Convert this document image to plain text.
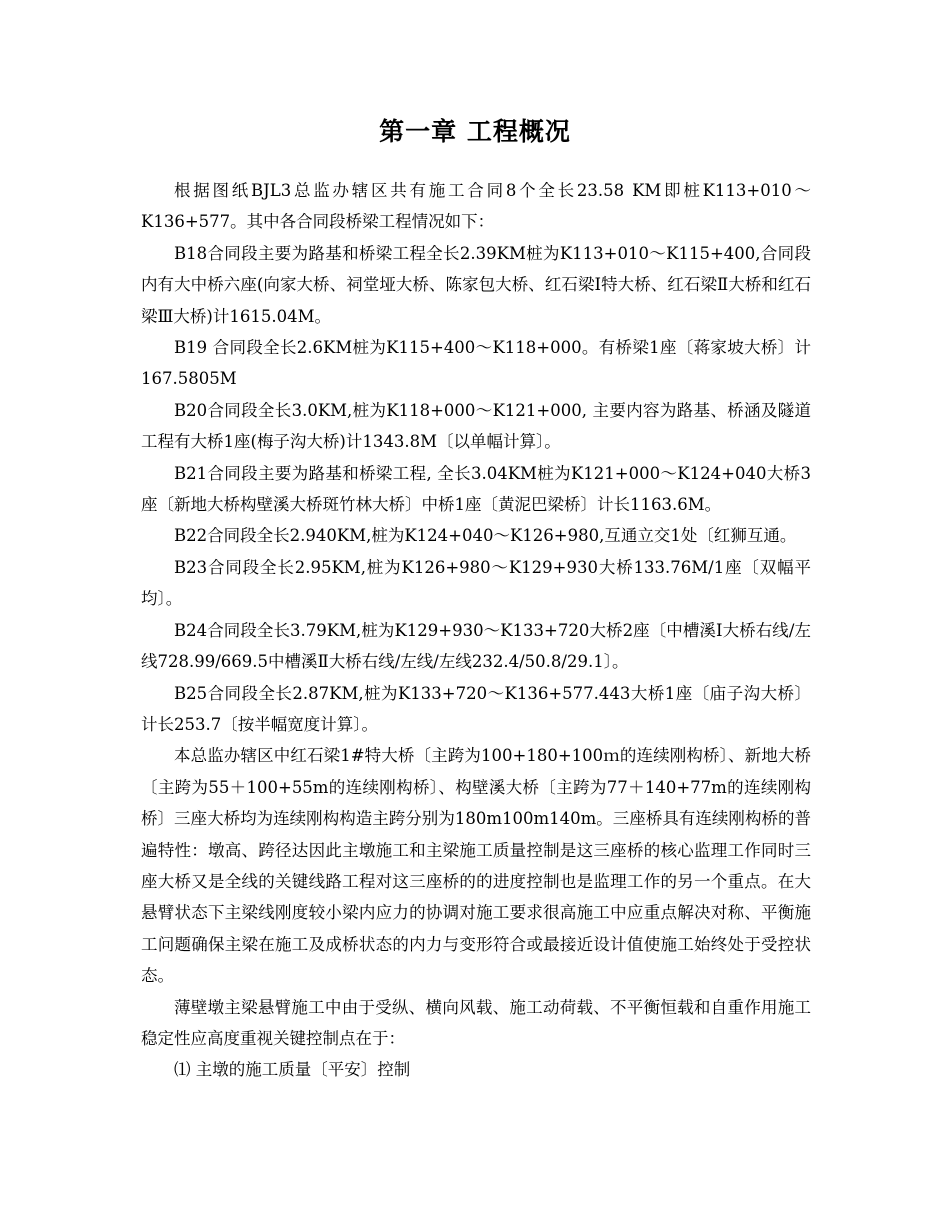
第一章 工程概况

根据图纸BJL3总监办辖区共有施工合同8个全长23.58 KM即桩K113+010～K136+577。其中各合同段桥梁工程情况如下：

B18合同段主要为路基和桥梁工程全长2.39KM桩为K113+010～K115+400,合同段内有大中桥六座(向家大桥、祠堂垭大桥、陈家包大桥、红石梁Ⅰ特大桥、红石梁Ⅱ大桥和红石梁Ⅲ大桥)计1615.04M。

B19 合同段全长2.6KM桩为K115+400～K118+000。有桥梁1座〔蒋家坡大桥〕计167.5805M

B20合同段全长3.0KM,桩为K118+000～K121+000, 主要内容为路基、桥涵及隧道工程有大桥1座(梅子沟大桥)计1343.8M〔以单幅计算〕。

B21合同段主要为路基和桥梁工程, 全长3.04KM桩为K121+000～K124+040大桥3座〔新地大桥构壁溪大桥斑竹林大桥〕中桥1座〔黄泥巴梁桥〕计长1163.6M。

B22合同段全长2.940KM,桩为K124+040～K126+980,互通立交1处〔红狮互通。

B23合同段全长2.95KM,桩为K126+980～K129+930大桥133.76M/1座〔双幅平均〕。

B24合同段全长3.79KM,桩为K129+930～K133+720大桥2座〔中槽溪Ⅰ大桥右线/左线728.99/669.5中槽溪Ⅱ大桥右线/左线/左线232.4/50.8/29.1〕。

B25合同段全长2.87KM,桩为K133+720～K136+577.443大桥1座〔庙子沟大桥〕计长253.7〔按半幅宽度计算〕。

本总监办辖区中红石梁1#特大桥〔主跨为100+180+100ｍ的连续刚构桥〕、新地大桥〔主跨为55＋100+55m的连续刚构桥〕、构壁溪大桥〔主跨为77＋140+77m的连续刚构桥〕三座大桥均为连续刚构构造主跨分别为180m100m140m。三座桥具有连续刚构桥的普遍特性：墩高、跨径达因此主墩施工和主梁施工质量控制是这三座桥的核心监理工作同时三座大桥又是全线的关键线路工程对这三座桥的的进度控制也是监理工作的另一个重点。在大悬臂状态下主梁线刚度较小梁内应力的协调对施工要求很高施工中应重点解决对称、平衡施工问题确保主梁在施工及成桥状态的内力与变形符合或最接近设计值使施工始终处于受控状态。

薄壁墩主梁悬臂施工中由于受纵、横向风载、施工动荷载、不平衡恒载和自重作用施工稳定性应高度重视关键控制点在于：

⑴ 主墩的施工质量〔平安〕控制
